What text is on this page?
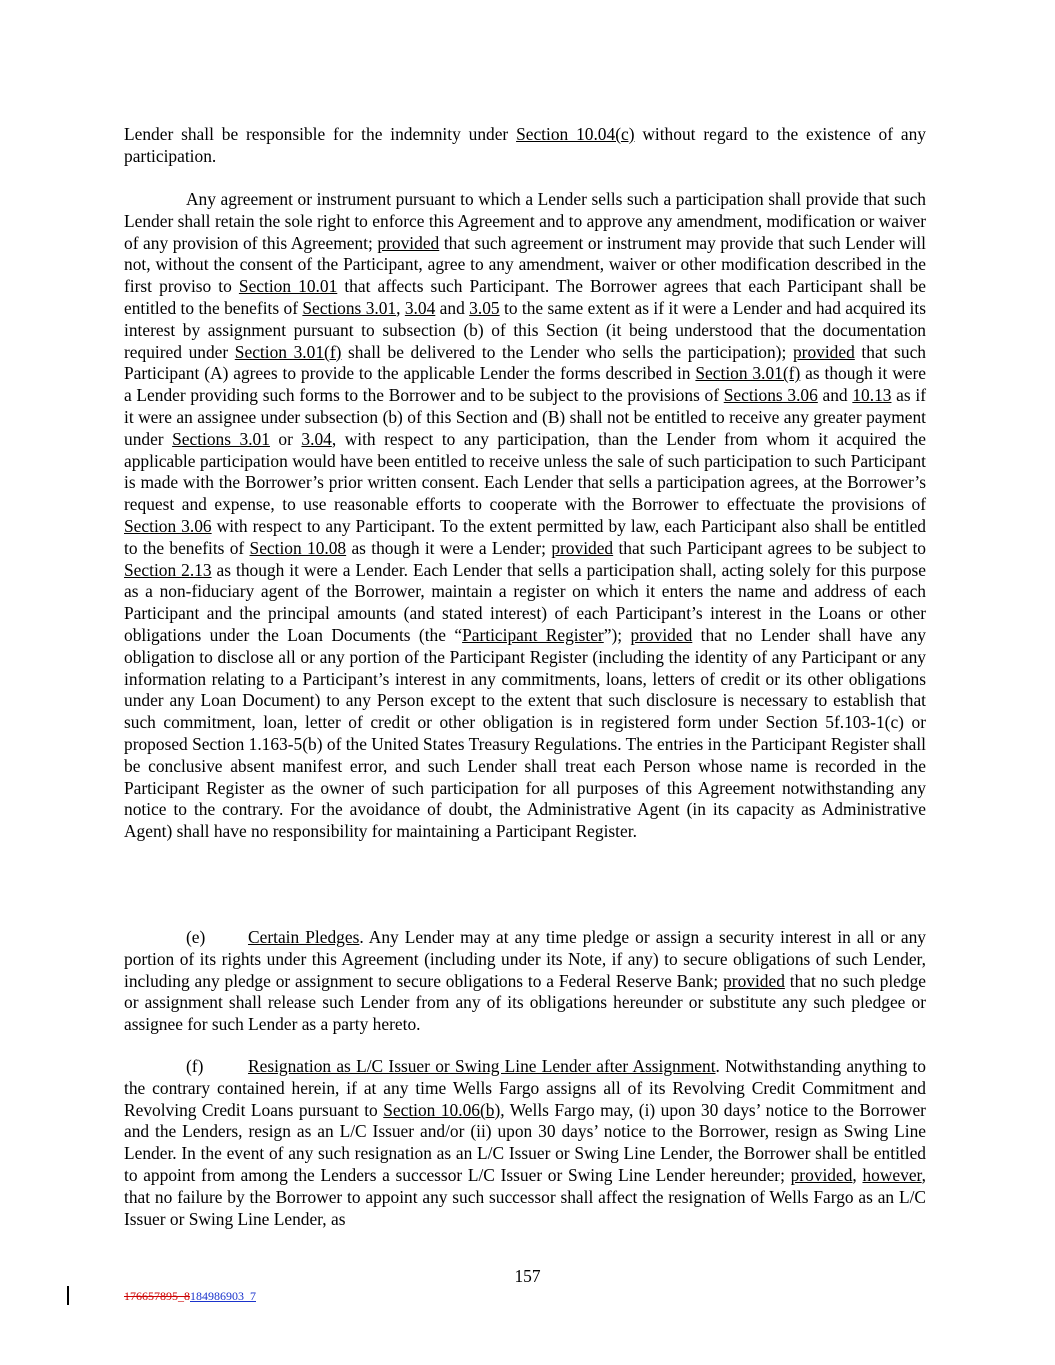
Lender shall be responsible for the indemnity under Section 10.04(c) without regard to the existence of any participation.

Any agreement or instrument pursuant to which a Lender sells such a participation shall provide that such Lender shall retain the sole right to enforce this Agreement and to approve any amendment, modification or waiver of any provision of this Agreement; provided that such agreement or instrument may provide that such Lender will not, without the consent of the Participant, agree to any amendment, waiver or other modification described in the first proviso to Section 10.01 that affects such Participant. The Borrower agrees that each Participant shall be entitled to the benefits of Sections 3.01, 3.04 and 3.05 to the same extent as if it were a Lender and had acquired its interest by assignment pursuant to subsection (b) of this Section (it being understood that the documentation required under Section 3.01(f) shall be delivered to the Lender who sells the participation); provided that such Participant (A) agrees to provide to the applicable Lender the forms described in Section 3.01(f) as though it were a Lender providing such forms to the Borrower and to be subject to the provisions of Sections 3.06 and 10.13 as if it were an assignee under subsection (b) of this Section and (B) shall not be entitled to receive any greater payment under Sections 3.01 or 3.04, with respect to any participation, than the Lender from whom it acquired the applicable participation would have been entitled to receive unless the sale of such participation to such Participant is made with the Borrower’s prior written consent. Each Lender that sells a participation agrees, at the Borrower’s request and expense, to use reasonable efforts to cooperate with the Borrower to effectuate the provisions of Section 3.06 with respect to any Participant. To the extent permitted by law, each Participant also shall be entitled to the benefits of Section 10.08 as though it were a Lender; provided that such Participant agrees to be subject to Section 2.13 as though it were a Lender. Each Lender that sells a participation shall, acting solely for this purpose as a non-fiduciary agent of the Borrower, maintain a register on which it enters the name and address of each Participant and the principal amounts (and stated interest) of each Participant’s interest in the Loans or other obligations under the Loan Documents (the “Participant Register”); provided that no Lender shall have any obligation to disclose all or any portion of the Participant Register (including the identity of any Participant or any information relating to a Participant’s interest in any commitments, loans, letters of credit or its other obligations under any Loan Document) to any Person except to the extent that such disclosure is necessary to establish that such commitment, loan, letter of credit or other obligation is in registered form under Section 5f.103-1(c) or proposed Section 1.163-5(b) of the United States Treasury Regulations. The entries in the Participant Register shall be conclusive absent manifest error, and such Lender shall treat each Person whose name is recorded in the Participant Register as the owner of such participation for all purposes of this Agreement notwithstanding any notice to the contrary. For the avoidance of doubt, the Administrative Agent (in its capacity as Administrative Agent) shall have no responsibility for maintaining a Participant Register.

(e) Certain Pledges. Any Lender may at any time pledge or assign a security interest in all or any portion of its rights under this Agreement (including under its Note, if any) to secure obligations of such Lender, including any pledge or assignment to secure obligations to a Federal Reserve Bank; provided that no such pledge or assignment shall release such Lender from any of its obligations hereunder or substitute any such pledgee or assignee for such Lender as a party hereto.

(f)	Resignation as L/C Issuer or Swing Line Lender after Assignment. Notwithstanding anything to the contrary contained herein, if at any time Wells Fargo assigns all of its Revolving Credit Commitment and Revolving Credit Loans pursuant to Section 10.06(b), Wells Fargo may, (i) upon 30 days’ notice to the Borrower and the Lenders, resign as an L/C Issuer and/or (ii) upon 30 days’ notice to the Borrower, resign as Swing Line Lender. In the event of any such resignation as an L/C Issuer or Swing Line Lender, the Borrower shall be entitled to appoint from among the Lenders a successor L/C Issuer or Swing Line Lender hereunder; provided, however, that no failure by the Borrower to appoint any such successor shall affect the resignation of Wells Fargo as an L/C Issuer or Swing Line Lender, as

157
176657895_8184986903_7
